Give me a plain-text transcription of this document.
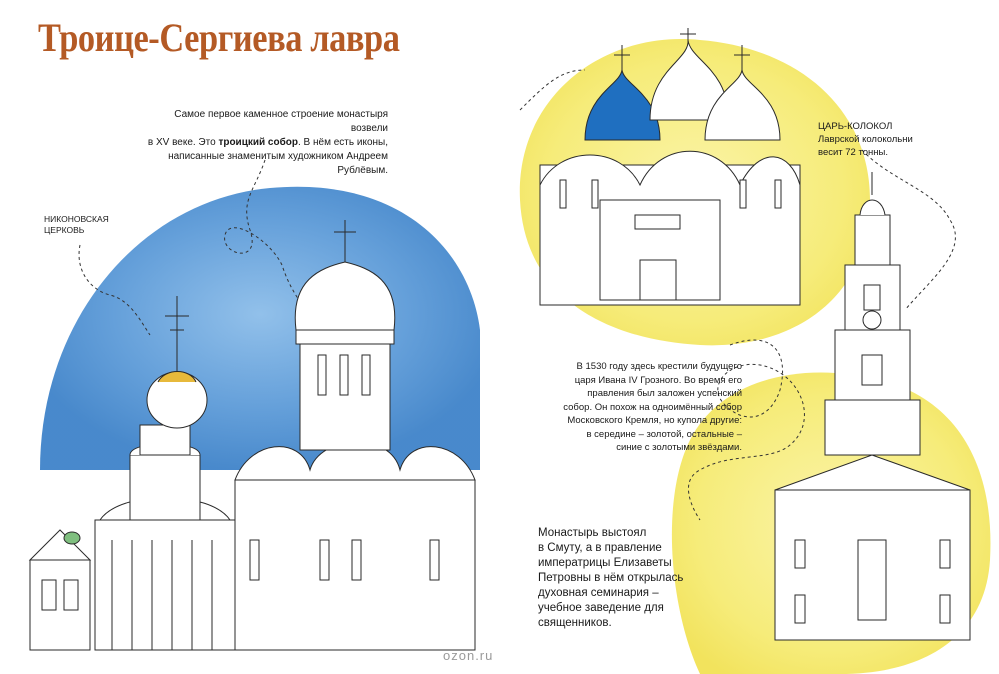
Троице-Сергиева лавра
Самое первое каменное строение монастыря возвели
в XV веке. Это троицкий собор. В нём есть иконы,
написанные знаменитым художником Андреем Рублёвым.
НИКОНОВСКАЯ
ЦЕРКОВЬ
ЦАРЬ-КОЛОКОЛ
Лаврской колокольни
весит 72 тонны.
В 1530 году здесь крестили будущего
царя Ивана IV Грозного. Во время его
правления был заложен успенский
собор. Он похож на одноимённый собор
Московского Кремля, но купола другие:
в середине – золотой, остальные –
синие с золотыми звёздами.
Монастырь выстоял
в Смуту, а в правление
императрицы Елизаветы
Петровны в нём открылась
духовная семинария –
учебное заведение для
священников.
ozon.ru
